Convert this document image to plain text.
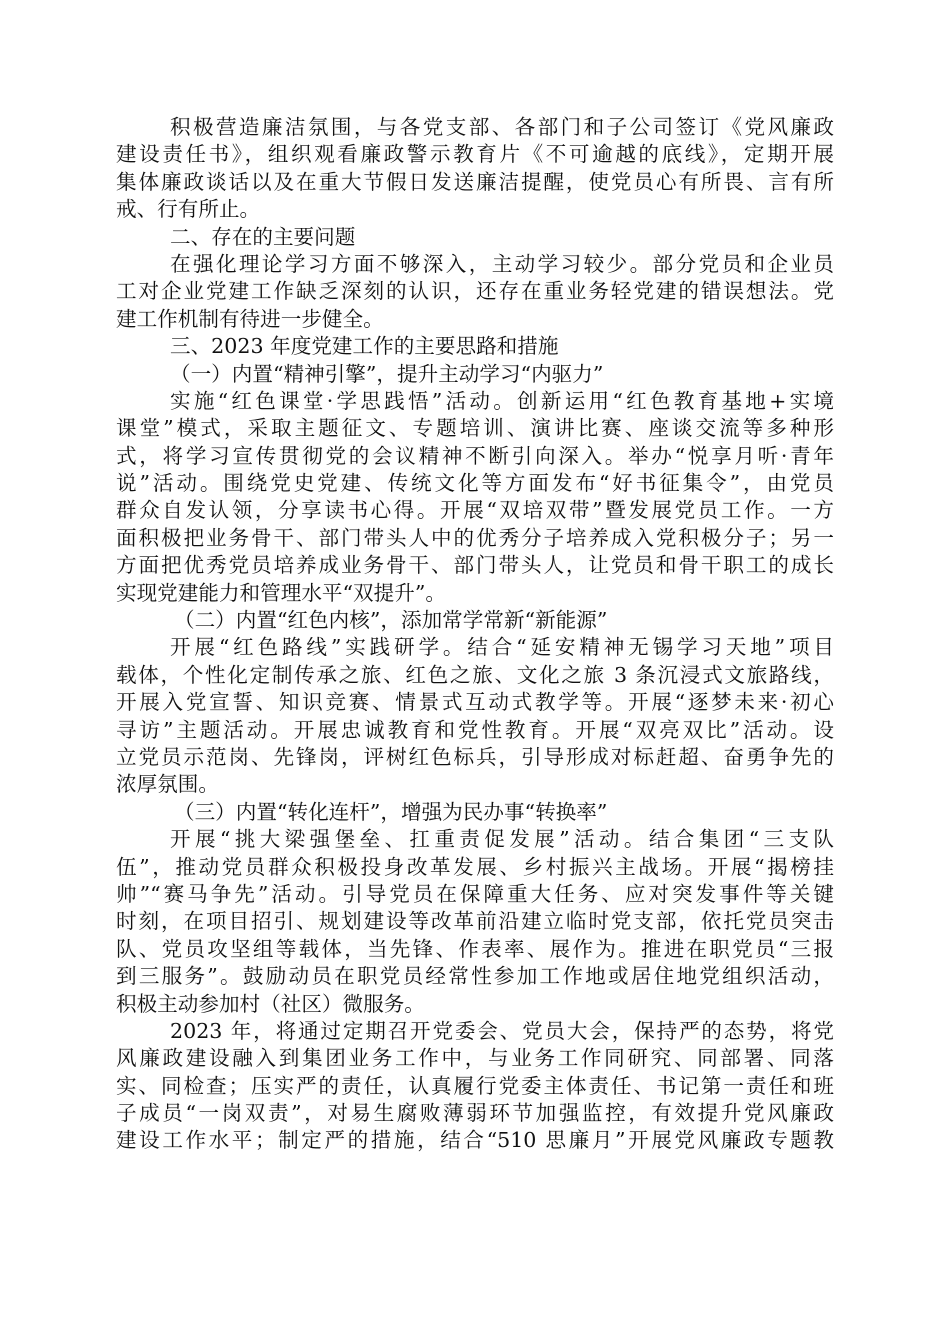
积极营造廉洁氛围，与各党支部、各部门和子公司签订《党风廉政
建设责任书》，组织观看廉政警示教育片《不可逾越的底线》，定期开展
集体廉政谈话以及在重大节假日发送廉洁提醒，使党员心有所畏、言有所
戒、行有所止。
二、存在的主要问题
在强化理论学习方面不够深入，主动学习较少。部分党员和企业员
工对企业党建工作缺乏深刻的认识，还存在重业务轻党建的错误想法。党
建工作机制有待进一步健全。
三、2023 年度党建工作的主要思路和措施
（一）内置“精神引擎”，提升主动学习“内驱力”
实施“红色课堂·学思践悟”活动。创新运用“红色教育基地+实境
课堂”模式，采取主题征文、专题培训、演讲比赛、座谈交流等多种形
式，将学习宣传贯彻党的会议精神不断引向深入。举办“悦享月听·青年
说”活动。围绕党史党建、传统文化等方面发布“好书征集令”，由党员
群众自发认领，分享读书心得。开展“双培双带”暨发展党员工作。一方
面积极把业务骨干、部门带头人中的优秀分子培养成入党积极分子；另一
方面把优秀党员培养成业务骨干、部门带头人，让党员和骨干职工的成长
实现党建能力和管理水平“双提升”。
（二）内置“红色内核”，添加常学常新“新能源”
开展“红色路线”实践研学。结合“延安精神无锡学习天地”项目
载体，个性化定制传承之旅、红色之旅、文化之旅 3 条沉浸式文旅路线，
开展入党宣誓、知识竞赛、情景式互动式教学等。开展“逐梦未来·初心
寻访”主题活动。开展忠诚教育和党性教育。开展“双亮双比”活动。设
立党员示范岗、先锋岗，评树红色标兵，引导形成对标赶超、奋勇争先的
浓厚氛围。
（三）内置“转化连杆”，增强为民办事“转换率”
开展“挑大梁强堡垒、扛重责促发展”活动。结合集团“三支队
伍”，推动党员群众积极投身改革发展、乡村振兴主战场。开展“揭榜挂
帅”“赛马争先”活动。引导党员在保障重大任务、应对突发事件等关键
时刻，在项目招引、规划建设等改革前沿建立临时党支部，依托党员突击
队、党员攻坚组等载体，当先锋、作表率、展作为。推进在职党员“三报
到三服务”。鼓励动员在职党员经常性参加工作地或居住地党组织活动，
积极主动参加村（社区）微服务。
2023 年，将通过定期召开党委会、党员大会，保持严的态势，将党
风廉政建设融入到集团业务工作中，与业务工作同研究、同部署、同落
实、同检查；压实严的责任，认真履行党委主体责任、书记第一责任和班
子成员“一岗双责”，对易生腐败薄弱环节加强监控，有效提升党风廉政
建设工作水平；制定严的措施，结合“510 思廉月”开展党风廉政专题教
